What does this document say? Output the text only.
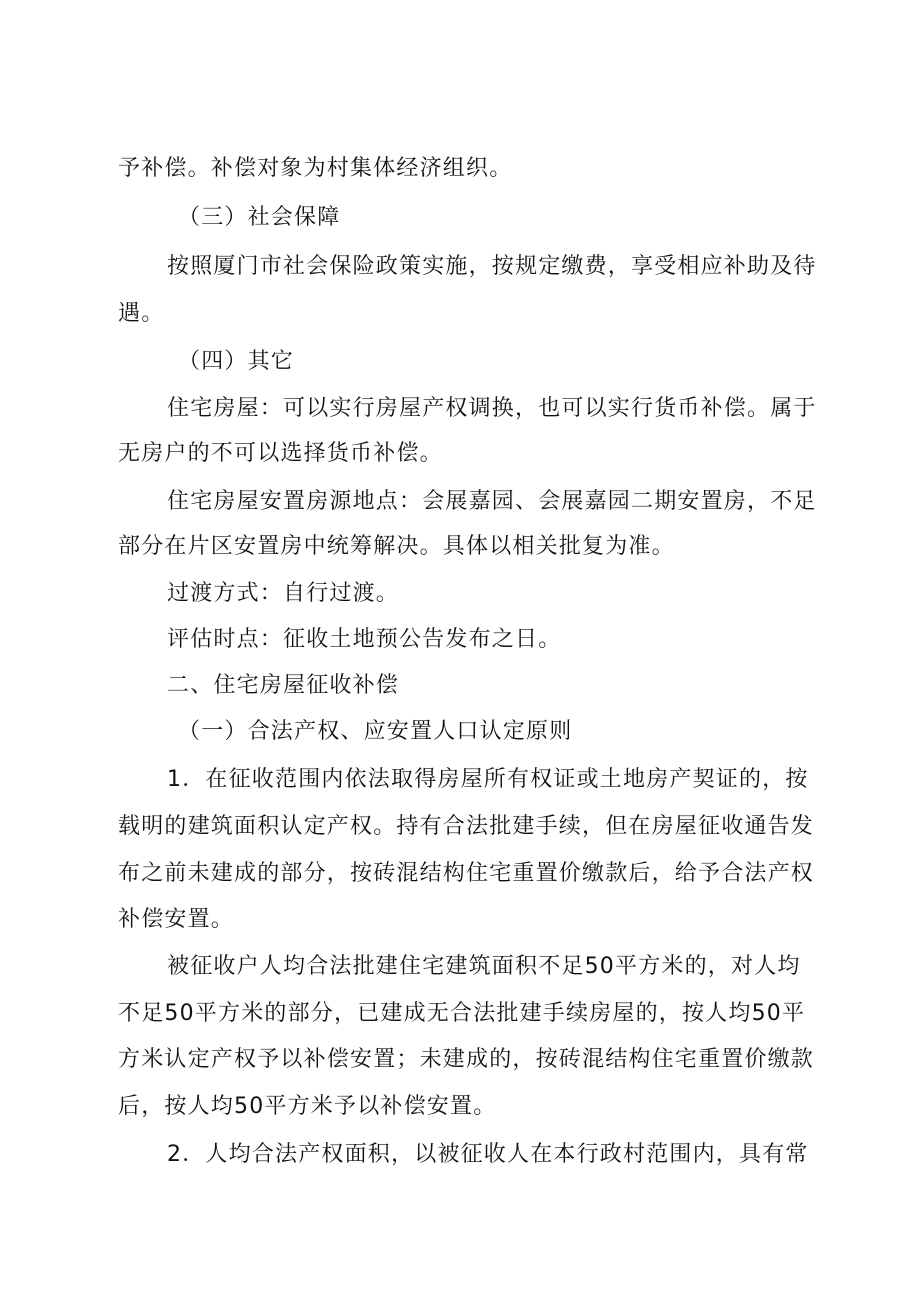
予补偿。补偿对象为村集体经济组织。
（三）社会保障
按照厦门市社会保险政策实施，按规定缴费，享受相应补助及待
遇。
（四）其它
住宅房屋：可以实行房屋产权调换，也可以实行货币补偿。属于
无房户的不可以选择货币补偿。
住宅房屋安置房源地点：会展嘉园、会展嘉园二期安置房，不足
部分在片区安置房中统筹解决。具体以相关批复为准。
过渡方式：自行过渡。
评估时点：征收土地预公告发布之日。
二、住宅房屋征收补偿
（一）合法产权、应安置人口认定原则
1．在征收范围内依法取得房屋所有权证或土地房产契证的，按
载明的建筑面积认定产权。持有合法批建手续，但在房屋征收通告发
布之前未建成的部分，按砖混结构住宅重置价缴款后，给予合法产权
补偿安置。
被征收户人均合法批建住宅建筑面积不足50平方米的，对人均
不足50平方米的部分，已建成无合法批建手续房屋的，按人均50平
方米认定产权予以补偿安置；未建成的，按砖混结构住宅重置价缴款
后，按人均50平方米予以补偿安置。
2．人均合法产权面积，以被征收人在本行政村范围内，具有常
